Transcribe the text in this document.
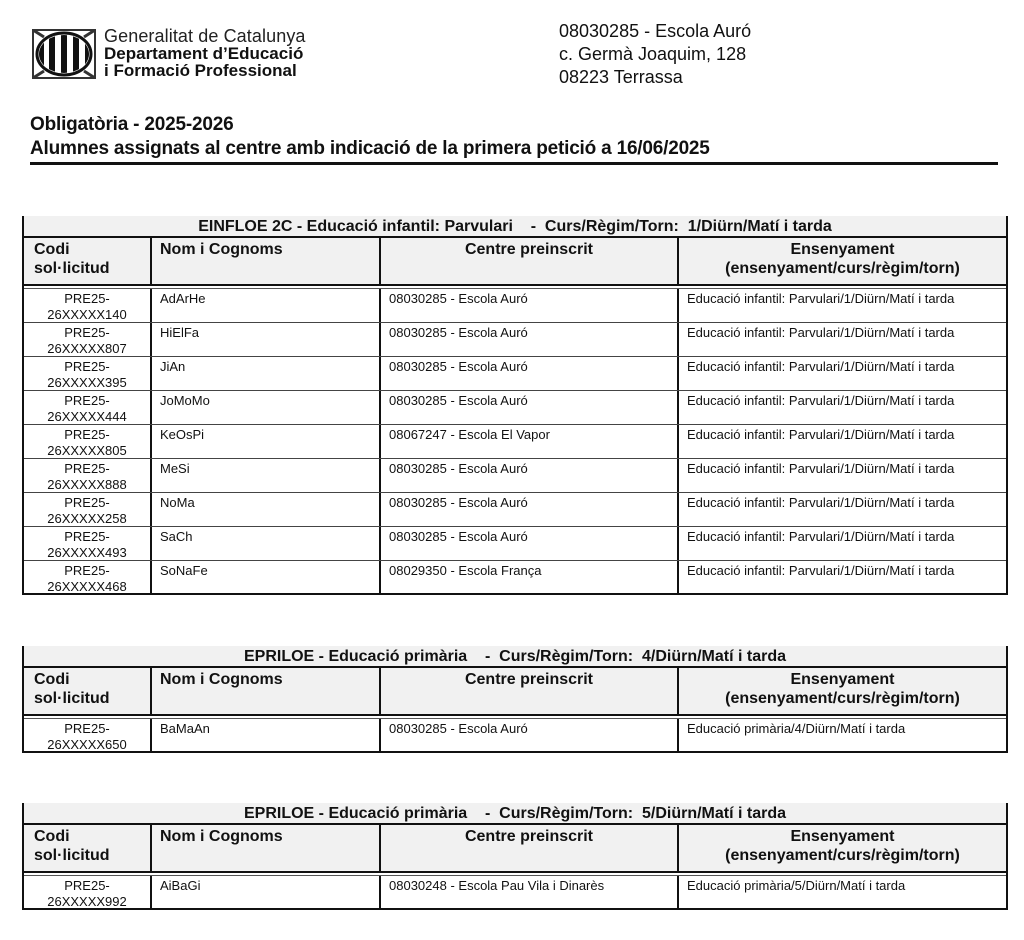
Generalitat de Catalunya
Departament d’Educació
i Formació Professional
08030285 - Escola Auró
c. Germà Joaquim, 128
08223 Terrassa
Obligatòria - 2025-2026
Alumnes assignats al centre amb indicació de la primera petició a 16/06/2025
EINFLOE 2C - Educació infantil: Parvulari    -  Curs/Règim/Torn:  1/Diürn/Matí i tarda
Codi
sol·licitud
Nom i Cognoms	Centre preinscrit	Ensenyament
(ensenyament/curs/règim/torn)
PRE25-
26XXXXX140
AdArHe	08030285 - Escola Auró	Educació infantil: Parvulari/1/Diürn/Matí i tarda
PRE25-
26XXXXX807
HiElFa	08030285 - Escola Auró	Educació infantil: Parvulari/1/Diürn/Matí i tarda
PRE25-
26XXXXX395
JiAn	08030285 - Escola Auró	Educació infantil: Parvulari/1/Diürn/Matí i tarda
PRE25-
26XXXXX444
JoMoMo	08030285 - Escola Auró	Educació infantil: Parvulari/1/Diürn/Matí i tarda
PRE25-
26XXXXX805
KeOsPi	08067247 - Escola El Vapor	Educació infantil: Parvulari/1/Diürn/Matí i tarda
PRE25-
26XXXXX888
MeSi	08030285 - Escola Auró	Educació infantil: Parvulari/1/Diürn/Matí i tarda
PRE25-
26XXXXX258
NoMa	08030285 - Escola Auró	Educació infantil: Parvulari/1/Diürn/Matí i tarda
PRE25-
26XXXXX493
SaCh	08030285 - Escola Auró	Educació infantil: Parvulari/1/Diürn/Matí i tarda
PRE25-
26XXXXX468
SoNaFe	08029350 - Escola França	Educació infantil: Parvulari/1/Diürn/Matí i tarda
EPRILOE - Educació primària    -  Curs/Règim/Torn:  4/Diürn/Matí i tarda
Codi
sol·licitud
Nom i Cognoms	Centre preinscrit	Ensenyament
(ensenyament/curs/règim/torn)
PRE25-
26XXXXX650
BaMaAn	08030285 - Escola Auró	Educació primària/4/Diürn/Matí i tarda
EPRILOE - Educació primària    -  Curs/Règim/Torn:  5/Diürn/Matí i tarda
Codi
sol·licitud
Nom i Cognoms	Centre preinscrit	Ensenyament
(ensenyament/curs/règim/torn)
PRE25-
26XXXXX992
AiBaGi	08030248 - Escola Pau Vila i Dinarès	Educació primària/5/Diürn/Matí i tarda
